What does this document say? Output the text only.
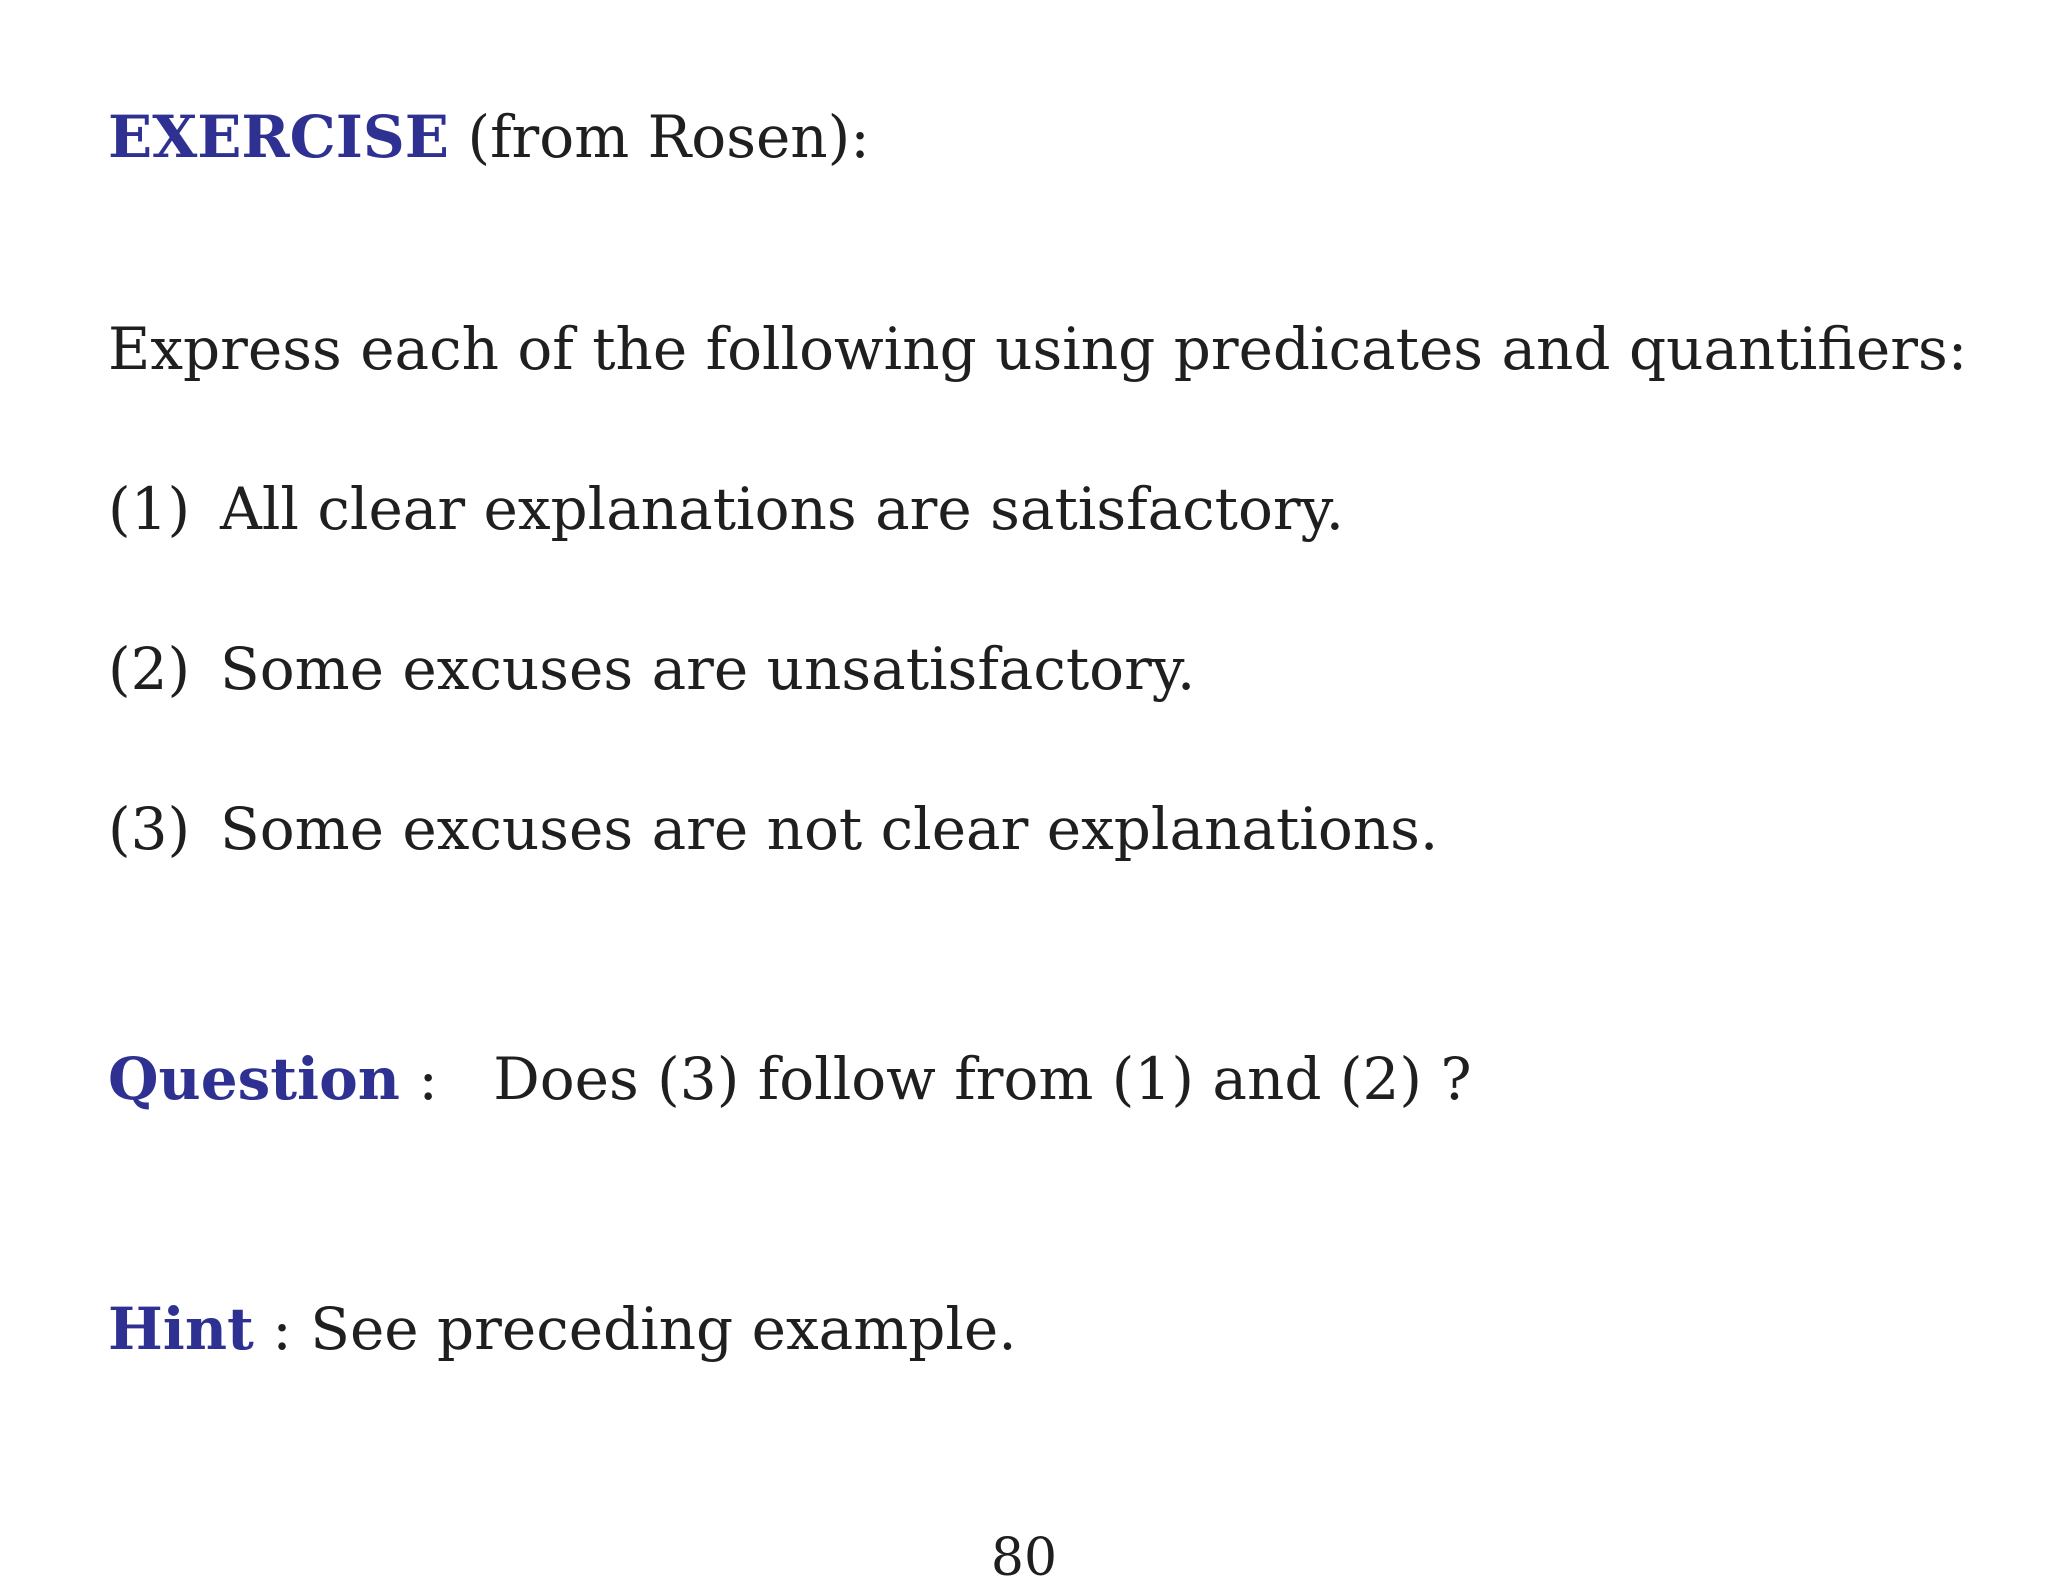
EXERCISE (from Rosen):
Express each of the following using predicates and quantifiers:
(1) All clear explanations are satisfactory.
(2) Some excuses are unsatisfactory.
(3) Some excuses are not clear explanations.
Question : Does (3) follow from (1) and (2) ?
Hint : See preceding example.
80
